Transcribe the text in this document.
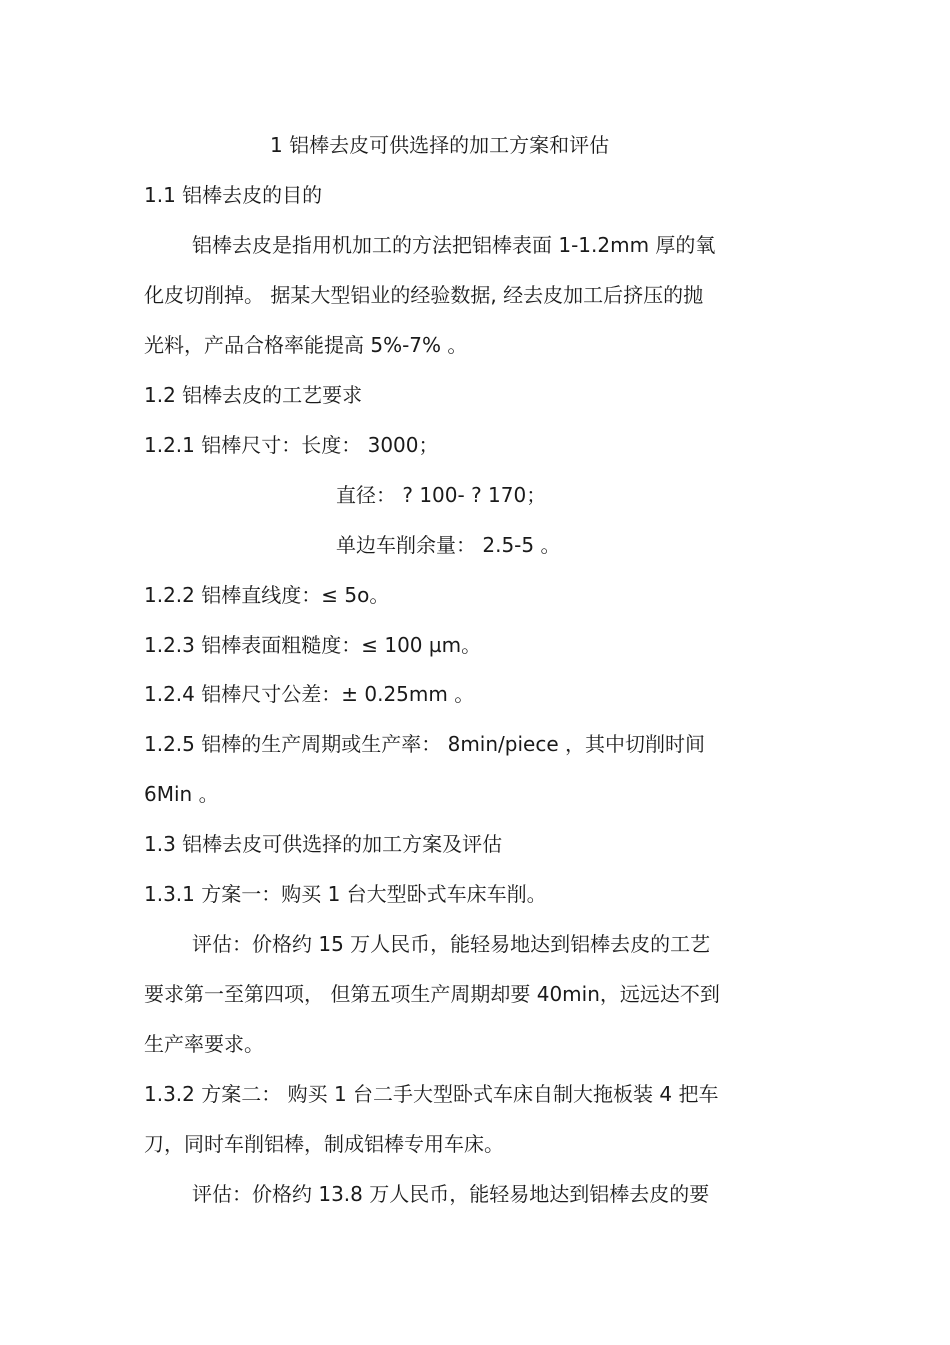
1 铝棒去皮可供选择的加工方案和评估
1.1 铝棒去皮的目的
铝棒去皮是指用机加工的方法把铝棒表面 1-1.2mm 厚的氧
化皮切削掉。 据某大型铝业的经验数据, 经去皮加工后挤压的抛
光料，产品合格率能提高 5%-7% 。
1.2 铝棒去皮的工艺要求
1.2.1 铝棒尺寸：长度： 3000；
直径： ? 100- ? 170；
单边车削余量： 2.5-5 。
1.2.2 铝棒直线度：≤ 5o。
1.2.3 铝棒表面粗糙度：≤ 100 µm。
1.2.4 铝棒尺寸公差：± 0.25mm 。
1.2.5 铝棒的生产周期或生产率： 8min/piece ，其中切削时间
6Min 。
1.3 铝棒去皮可供选择的加工方案及评估
1.3.1 方案一：购买 1 台大型卧式车床车削。
评估：价格约 15 万人民币，能轻易地达到铝棒去皮的工艺
要求第一至第四项， 但第五项生产周期却要 40min，远远达不到
生产率要求。
1.3.2 方案二： 购买 1 台二手大型卧式车床自制大拖板装 4 把车
刀，同时车削铝棒，制成铝棒专用车床。
评估：价格约 13.8 万人民币，能轻易地达到铝棒去皮的要
